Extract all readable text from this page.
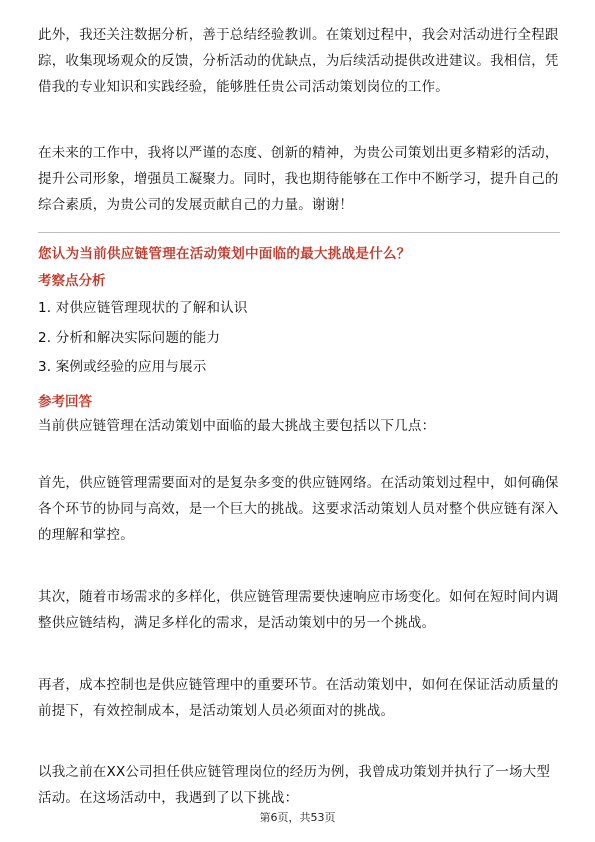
此外，我还关注数据分析，善于总结经验教训。在策划过程中，我会对活动进行全程跟踪，收集现场观众的反馈，分析活动的优缺点，为后续活动提供改进建议。我相信，凭借我的专业知识和实践经验，能够胜任贵公司活动策划岗位的工作。

在未来的工作中，我将以严谨的态度、创新的精神，为贵公司策划出更多精彩的活动，提升公司形象，增强员工凝聚力。同时，我也期待能够在工作中不断学习，提升自己的综合素质，为贵公司的发展贡献自己的力量。谢谢！

您认为当前供应链管理在活动策划中面临的最大挑战是什么？
考察点分析
1. 对供应链管理现状的了解和认识
2. 分析和解决实际问题的能力
3. 案例或经验的应用与展示
参考回答

当前供应链管理在活动策划中面临的最大挑战主要包括以下几点：

首先，供应链管理需要面对的是复杂多变的供应链网络。在活动策划过程中，如何确保各个环节的协同与高效，是一个巨大的挑战。这要求活动策划人员对整个供应链有深入的理解和掌控。

其次，随着市场需求的多样化，供应链管理需要快速响应市场变化。如何在短时间内调整供应链结构，满足多样化的需求，是活动策划中的另一个挑战。

再者，成本控制也是供应链管理中的重要环节。在活动策划中，如何在保证活动质量的前提下，有效控制成本，是活动策划人员必须面对的挑战。

以我之前在XX公司担任供应链管理岗位的经历为例，我曾成功策划并执行了一场大型活动。在这场活动中，我遇到了以下挑战：

第6页，共53页
